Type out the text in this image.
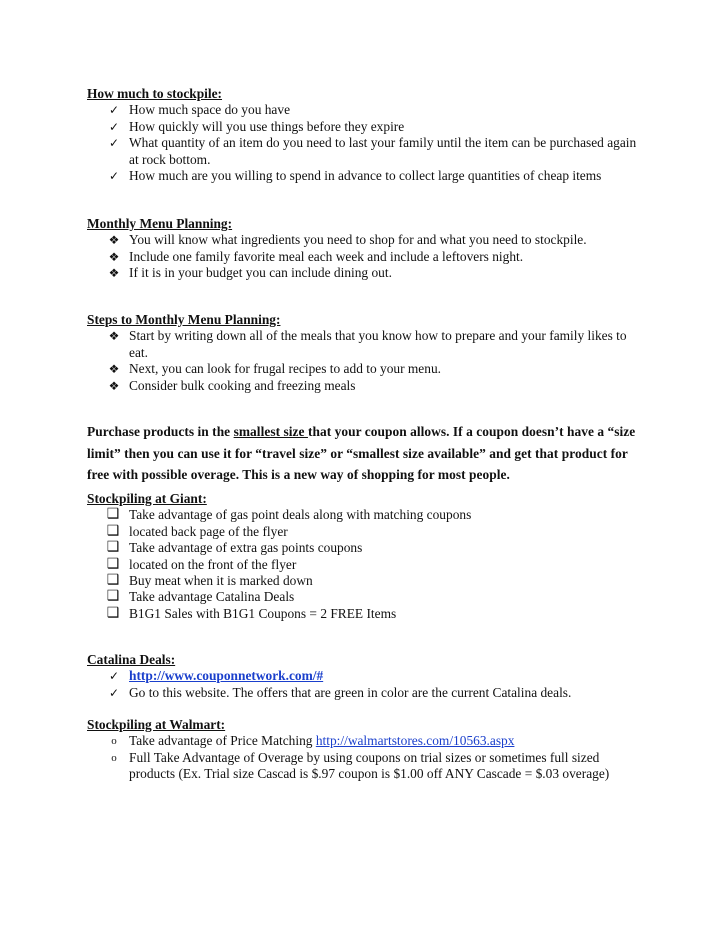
How much to stockpile:
✓ How much space do you have
✓ How quickly will you use things before they expire
✓ What quantity of an item do you need to last your family until the item can be purchased again at rock bottom.
✓ How much are you willing to spend in advance to collect large quantities of cheap items
Monthly Menu Planning:
❖ You will know what ingredients you need to shop for and what you need to stockpile.
❖ Include one family favorite meal each week and include a leftovers night.
❖ If it is in your budget you can include dining out.
Steps to Monthly Menu Planning:
❖ Start by writing down all of the meals that you know how to prepare and your family likes to eat.
❖ Next, you can look for frugal recipes to add to your menu.
❖ Consider bulk cooking and freezing meals
Purchase products in the smallest size that your coupon allows. If a coupon doesn’t have a “size limit” then you can use it for “travel size” or “smallest size available” and get that product for free with possible overage. This is a new way of shopping for most people.
Stockpiling at Giant:
❑ Take advantage of gas point deals along with matching coupons
❑ located back page of the flyer
❑ Take advantage of extra gas points coupons
❑ located on the front of the flyer
❑ Buy meat when it is marked down
❑ Take advantage Catalina Deals
❑ B1G1 Sales with B1G1 Coupons = 2 FREE Items
Catalina Deals:
✓ http://www.couponnetwork.com/#
✓ Go to this website. The offers that are green in color are the current Catalina deals.
Stockpiling at Walmart:
o Take advantage of Price Matching http://walmartstores.com/10563.aspx
o Full Take Advantage of Overage by using coupons on trial sizes or sometimes full sized products (Ex. Trial size Cascad is $.97 coupon is $1.00 off ANY Cascade = $.03 overage)
